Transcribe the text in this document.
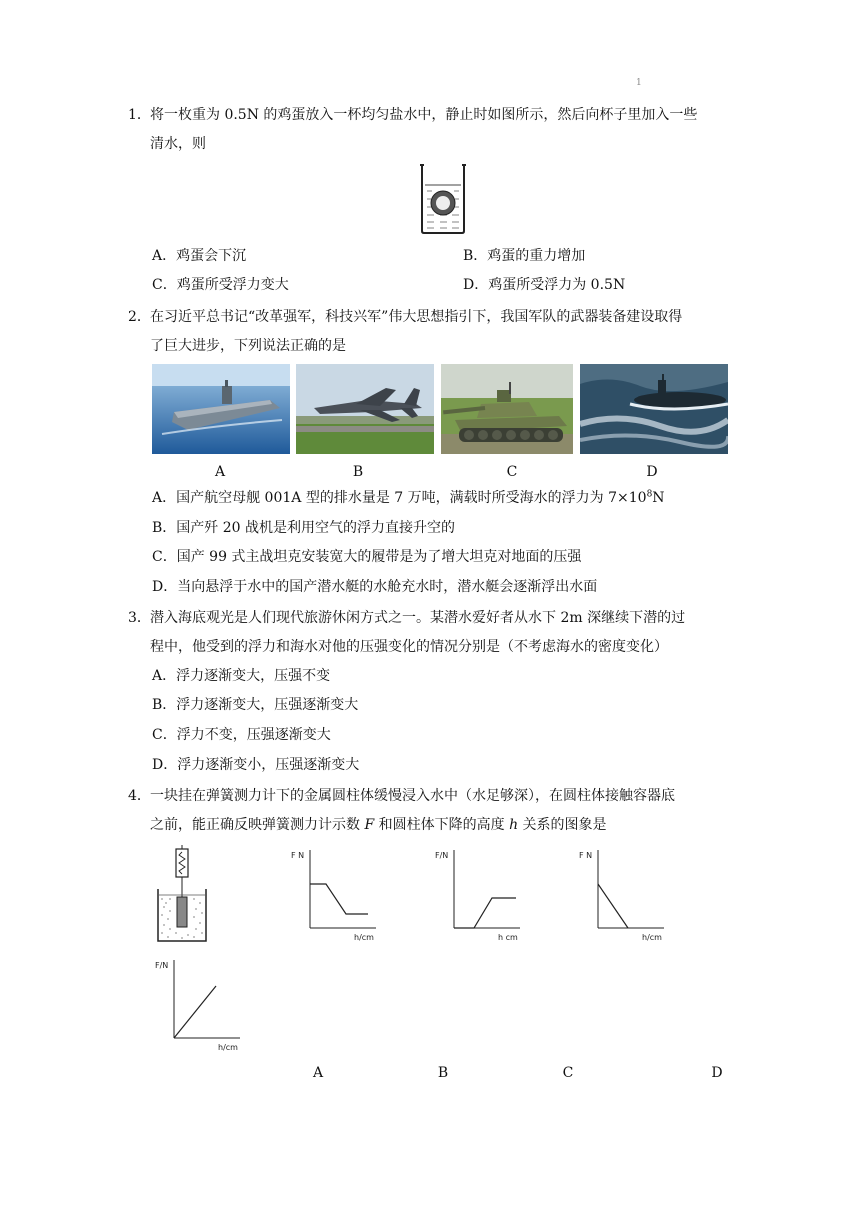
1
1． 将一枚重为 0.5N 的鸡蛋放入一杯均匀盐水中，静止时如图所示，然后向杯子里加入一些
清水，则
A．鸡蛋会下沉	B．鸡蛋的重力增加
C．鸡蛋所受浮力变大	D．鸡蛋所受浮力为 0.5N
2． 在习近平总书记“改革强军，科技兴军”伟大思想指引下，我国军队的武器装备建设取得
了巨大进步，下列说法正确的是
A	B	C	D
A．国产航空母舰 001A 型的排水量是 7 万吨，满载时所受海水的浮力为 $7\times 10^8N$
B．国产歼 20 战机是利用空气的浮力直接升空的
C．国产 99 式主战坦克安装宽大的履带是为了增大坦克对地面的压强
D．当向悬浮于水中的国产潜水艇的水舱充水时，潜水艇会逐渐浮出水面
3． 潜入海底观光是人们现代旅游休闲方式之一。某潜水爱好者从水下 2m 深继续下潜的过
程中，他受到的浮力和海水对他的压强变化的情况分别是（不考虑海水的密度变化）
A．浮力逐渐变大，压强不变
B．浮力逐渐变大，压强逐渐变大
C．浮力不变，压强逐渐变大
D．浮力逐渐变小，压强逐渐变大
4． 一块挂在弹簧测力计下的金属圆柱体缓慢浸入水中（水足够深），在圆柱体接触容器底
之前，能正确反映弹簧测力计示数 F 和圆柱体下降的高度 h 关系的图象是
F N
h/cm
F/N
h cm
F N
h/cm
F/N
h/cm
A	B	C	D
